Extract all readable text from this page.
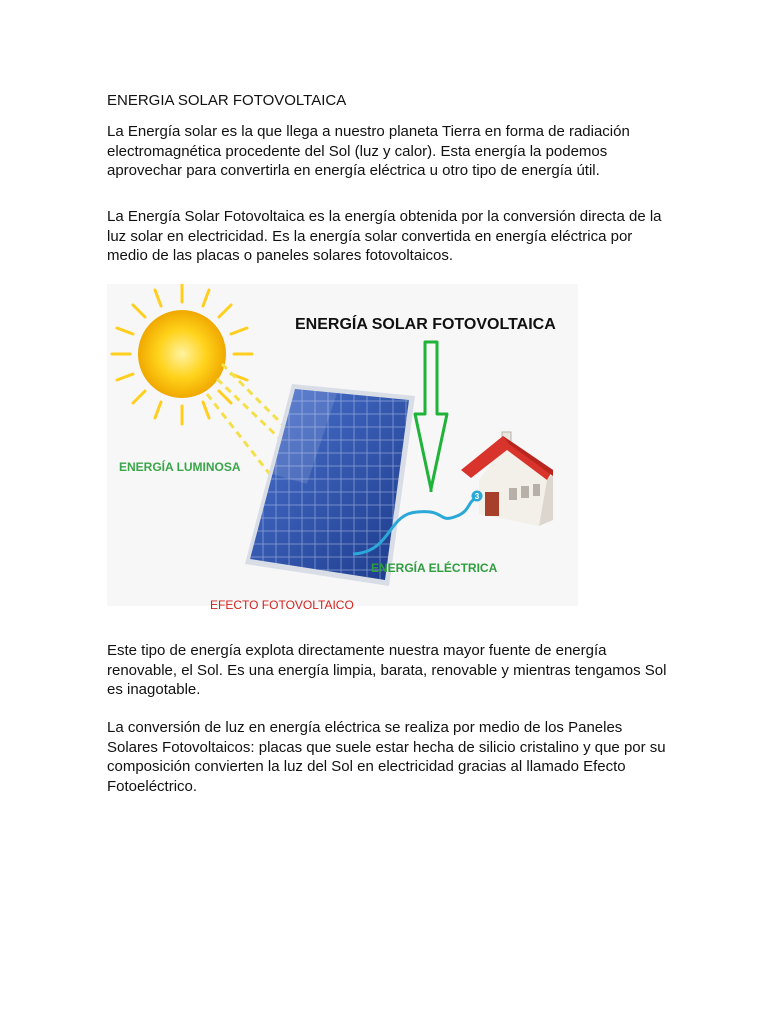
ENERGIA SOLAR FOTOVOLTAICA

La Energía solar es la que llega a nuestro planeta Tierra en forma de radiación electromagnética procedente del Sol (luz y calor). Esta energía la podemos aprovechar para convertirla en energía eléctrica u otro tipo de energía útil.

La Energía Solar Fotovoltaica es la energía obtenida por la conversión directa de la luz solar en electricidad. Es la energía solar convertida en energía eléctrica por medio de las placas o paneles solares fotovoltaicos.

3
ENERGÍA SOLAR FOTOVOLTAICA
ENERGÍA LUMINOSA
ENERGÍA ELÉCTRICA
EFECTO FOTOVOLTAICO

Este tipo de energía explota directamente nuestra mayor fuente de energía renovable, el Sol. Es una energía limpia, barata, renovable y mientras tengamos Sol es inagotable.

La conversión de luz en energía eléctrica se realiza por medio de los Paneles Solares Fotovoltaicos: placas que suele estar hecha de silicio cristalino y que por su composición convierten la luz del Sol en electricidad gracias al llamado Efecto Fotoeléctrico.
